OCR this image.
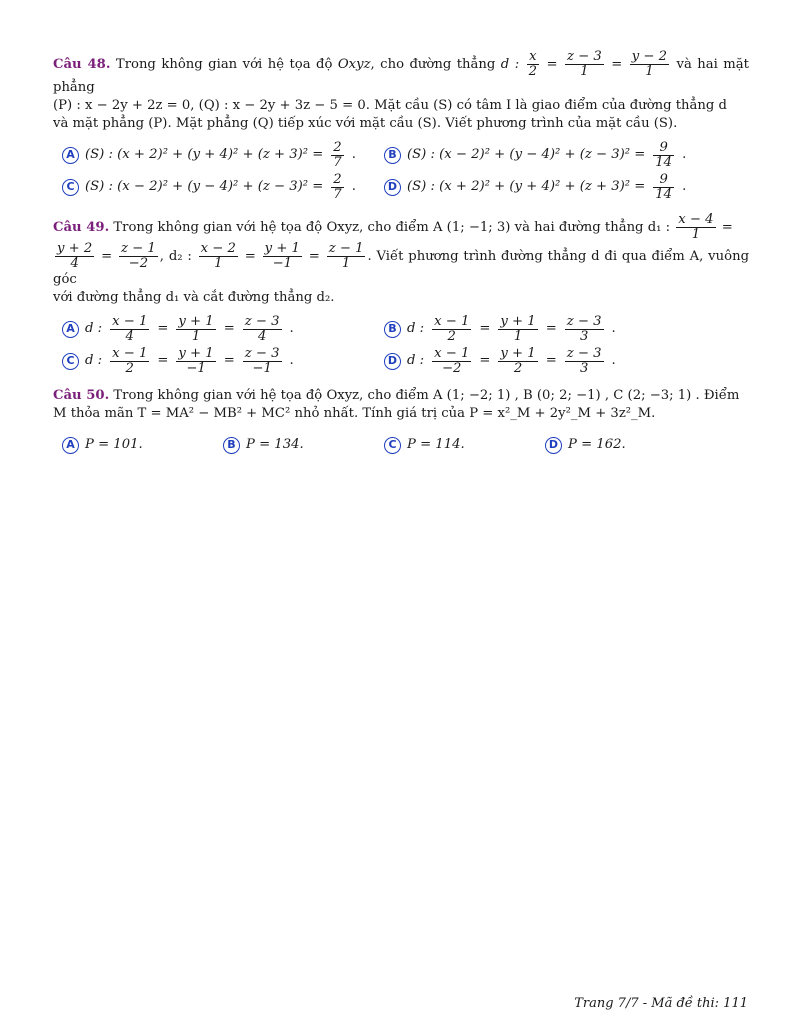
Câu 48. Trong không gian với hệ tọa độ Oxyz, cho đường thẳng d : $\frac{x}{2} = \frac{z - 3}{1} = \frac{y - 2}{1}$ và hai mặt phẳng
(P) : x − 2y + 2z = 0, (Q) : x − 2y + 3z − 5 = 0. Mặt cầu (S) có tâm I là giao điểm của đường thẳng d
và mặt phẳng (P). Mặt phẳng (Q) tiếp xúc với mặt cầu (S). Viết phương trình của mặt cầu (S).
A (S) : $(x + 2)^2 + (y + 4)^2 + (z + 3)^2 = \frac{2}{7}$ .	B (S) : $(x - 2)^2 + (y - 4)^2 + (z - 3)^2 = \frac{9}{14}$ .
C (S) : $(x - 2)^2 + (y - 4)^2 + (z - 3)^2 = \frac{2}{7}$ .	D (S) : $(x + 2)^2 + (y + 4)^2 + (z + 3)^2 = \frac{9}{14}$ .
Câu 49. Trong không gian với hệ tọa độ Oxyz, cho điểm A (1; −1; 3) và hai đường thẳng d₁ : $\frac{x - 4}{1}$ =
$\frac{y + 2}{4} = \frac{z - 1}{-2}$ , d₂ : $\frac{x - 2}{1} = \frac{y + 1}{-1} = \frac{z - 1}{1}$ . Viết phương trình đường thẳng d đi qua điểm A, vuông góc
với đường thẳng d₁ và cắt đường thẳng d₂.
A d : $\frac{x - 1}{4} = \frac{y + 1}{1} = \frac{z - 3}{4}$ .	B d : $\frac{x - 1}{2} = \frac{y + 1}{1} = \frac{z - 3}{3}$ .
C d : $\frac{x - 1}{2} = \frac{y + 1}{-1} = \frac{z - 3}{-1}$ .	D d : $\frac{x - 1}{-2} = \frac{y + 1}{2} = \frac{z - 3}{3}$ .
Câu 50. Trong không gian với hệ tọa độ Oxyz, cho điểm A (1; −2; 1) , B (0; 2; −1) , C (2; −3; 1) . Điểm
M thỏa mãn T = MA² − MB² + MC² nhỏ nhất. Tính giá trị của P = x²_M + 2y²_M + 3z²_M.
A P = 101.	B P = 134.	C P = 114.	D P = 162.
Trang 7/7 - Mã đề thi: 111
